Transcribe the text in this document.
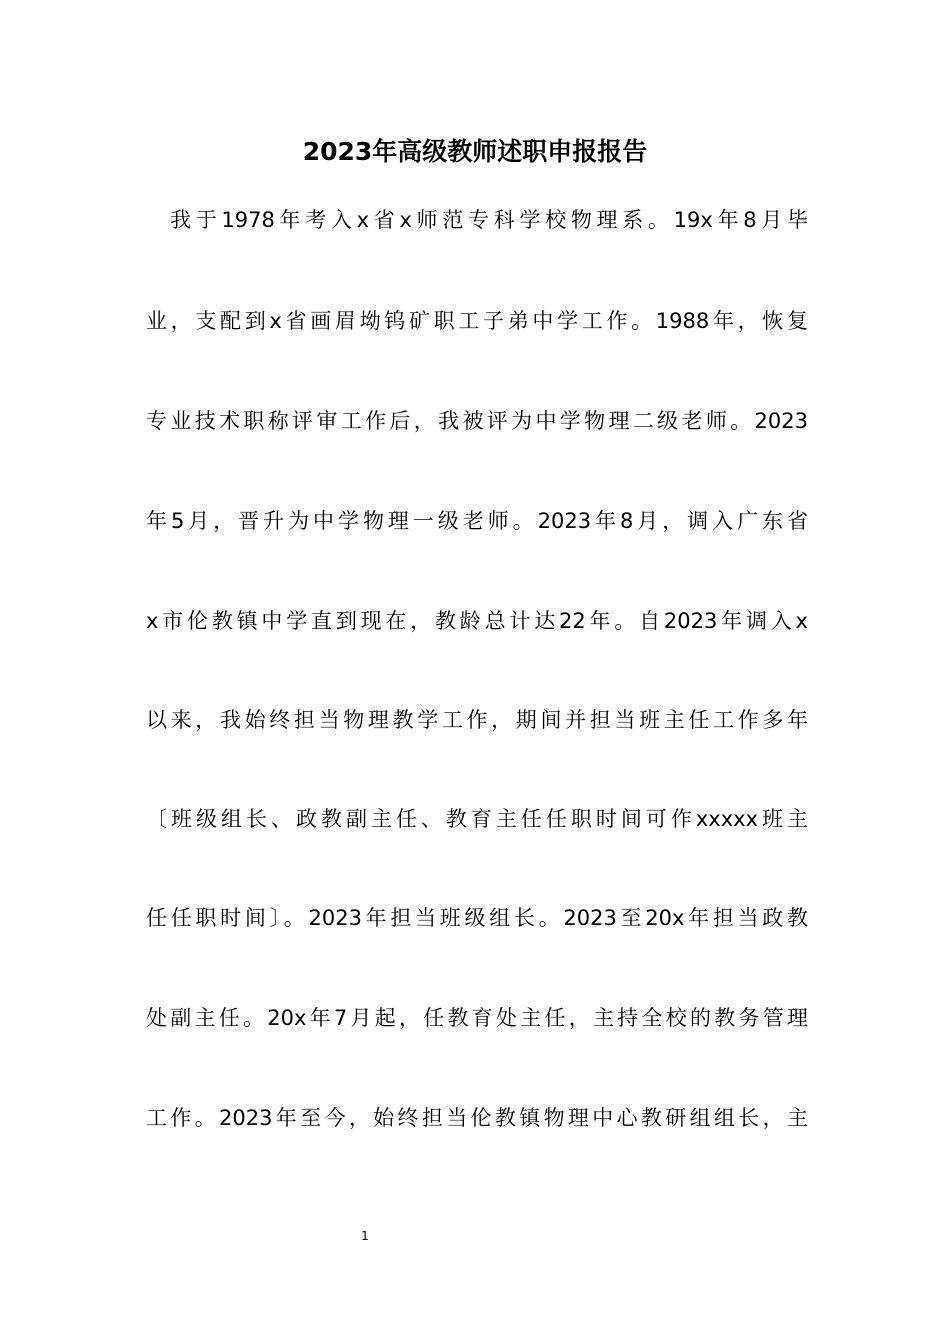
2023年高级教师述职申报报告
我于1978年考入x省x师范专科学校物理系。19x年8月毕
业，支配到x省画眉坳钨矿职工子弟中学工作。1988年，恢复
专业技术职称评审工作后，我被评为中学物理二级老师。2023
年5月，晋升为中学物理一级老师。2023年8月，调入广东省
x市伦教镇中学直到现在，教龄总计达22年。自2023年调入x
以来，我始终担当物理教学工作，期间并担当班主任工作多年
〔班级组长、政教副主任、教育主任任职时间可作xxxxx班主
任任职时间〕。2023年担当班级组长。2023至20x年担当政教
处副主任。20x年7月起，任教育处主任，主持全校的教务管理
工作。2023年至今，始终担当伦教镇物理中心教研组组长，主
1
